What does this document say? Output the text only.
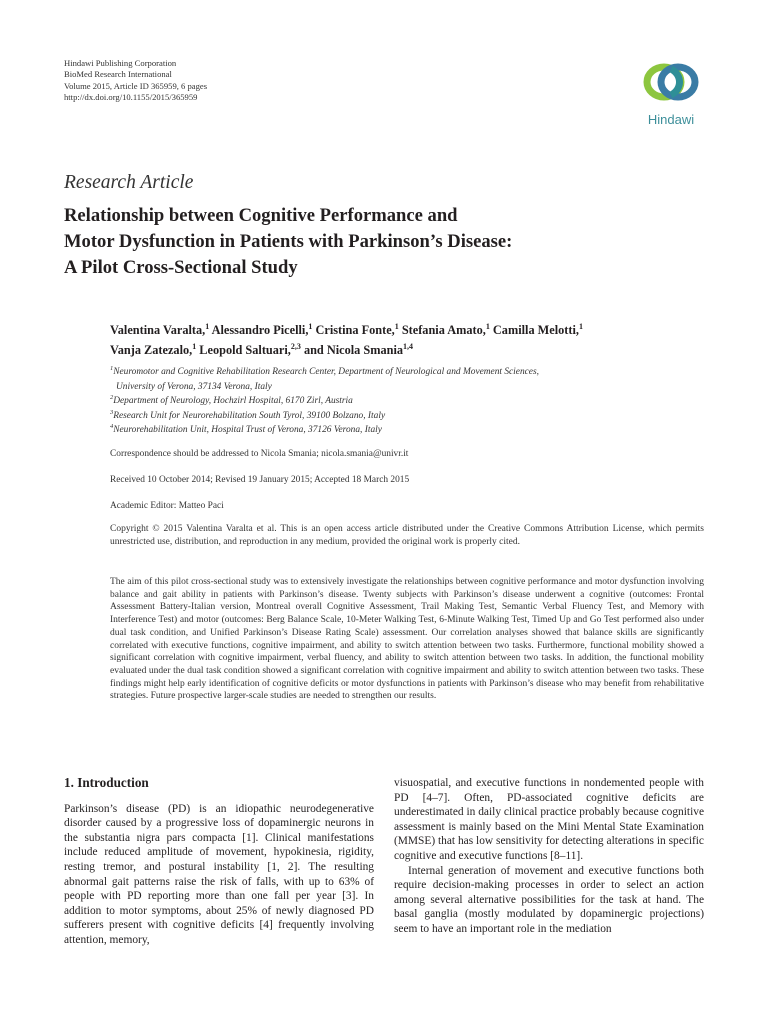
Hindawi Publishing Corporation
BioMed Research International
Volume 2015, Article ID 365959, 6 pages
http://dx.doi.org/10.1155/2015/365959
Hindawi
Research Article
Relationship between Cognitive Performance and
Motor Dysfunction in Patients with Parkinson’s Disease:
A Pilot Cross-Sectional Study
Valentina Varalta,$^1$ Alessandro Picelli,$^1$ Cristina Fonte,$^1$ Stefania Amato,$^1$ Camilla Melotti,$^1$
Vanja Zatezalo,$^1$ Leopold Saltuari,$^{2,3}$ and Nicola Smania$^{1,4}$
$^1$Neuromotor and Cognitive Rehabilitation Research Center, Department of Neurological and Movement Sciences,
University of Verona, 37134 Verona, Italy
$^2$Department of Neurology, Hochzirl Hospital, 6170 Zirl, Austria
$^3$Research Unit for Neurorehabilitation South Tyrol, 39100 Bolzano, Italy
$^4$Neurorehabilitation Unit, Hospital Trust of Verona, 37126 Verona, Italy
Correspondence should be addressed to Nicola Smania; nicola.smania@univr.it
Received 10 October 2014; Revised 19 January 2015; Accepted 18 March 2015
Academic Editor: Matteo Paci
Copyright © 2015 Valentina Varalta et al. This is an open access article distributed under the Creative Commons Attribution License, which permits unrestricted use, distribution, and reproduction in any medium, provided the original work is properly cited.
The aim of this pilot cross-sectional study was to extensively investigate the relationships between cognitive performance and motor dysfunction involving balance and gait ability in patients with Parkinson’s disease. Twenty subjects with Parkinson’s disease underwent a cognitive (outcomes: Frontal Assessment Battery-Italian version, Montreal overall Cognitive Assessment, Trail Making Test, Semantic Verbal Fluency Test, and Memory with Interference Test) and motor (outcomes: Berg Balance Scale, 10-Meter Walking Test, 6-Minute Walking Test, Timed Up and Go Test performed also under dual task condition, and Unified Parkinson’s Disease Rating Scale) assessment. Our correlation analyses showed that balance skills are significantly correlated with executive functions, cognitive impairment, and ability to switch attention between two tasks. Furthermore, functional mobility showed a significant correlation with cognitive impairment, verbal fluency, and ability to switch attention between two tasks. In addition, the functional mobility evaluated under the dual task condition showed a significant correlation with cognitive impairment and ability to switch attention between two tasks. These findings might help early identification of cognitive deficits or motor dysfunctions in patients with Parkinson’s disease who may benefit from rehabilitative strategies. Future prospective larger-scale studies are needed to strengthen our results.
1. Introduction

Parkinson’s disease (PD) is an idiopathic neurodegenerative disorder caused by a progressive loss of dopaminergic neurons in the substantia nigra pars compacta [1]. Clinical manifestations include reduced amplitude of movement, hypokinesia, rigidity, resting tremor, and postural instability [1, 2]. The resulting abnormal gait patterns raise the risk of falls, with up to 63% of people with PD reporting more than one fall per year [3]. In addition to motor symptoms, about 25% of newly diagnosed PD sufferers present with cognitive deficits [4] frequently involving attention, memory,

visuospatial, and executive functions in nondemented people with PD [4–7]. Often, PD-associated cognitive deficits are underestimated in daily clinical practice probably because cognitive assessment is mainly based on the Mini Mental State Examination (MMSE) that has low sensitivity for detecting alterations in specific cognitive and executive functions [8–11].

Internal generation of movement and executive functions both require decision-making processes in order to select an action among several alternative possibilities for the task at hand. The basal ganglia (mostly modulated by dopaminergic projections) seem to have an important role in the mediation
